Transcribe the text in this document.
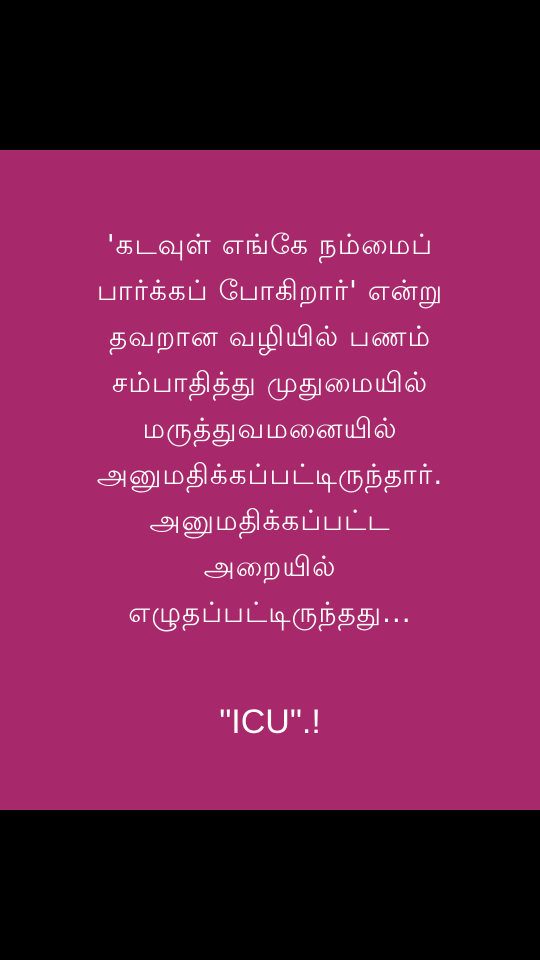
'கடவுள் எங்கே நம்மைப்
பார்க்கப் போகிறார்' என்று
தவறான வழியில் பணம்
சம்பாதித்து முதுமையில்
மருத்துவமனையில்
அனுமதிக்கப்பட்டிருந்தார்.
அனுமதிக்கப்பட்ட
அறையில்
எழுதப்பட்டிருந்தது...

"ICU".!
